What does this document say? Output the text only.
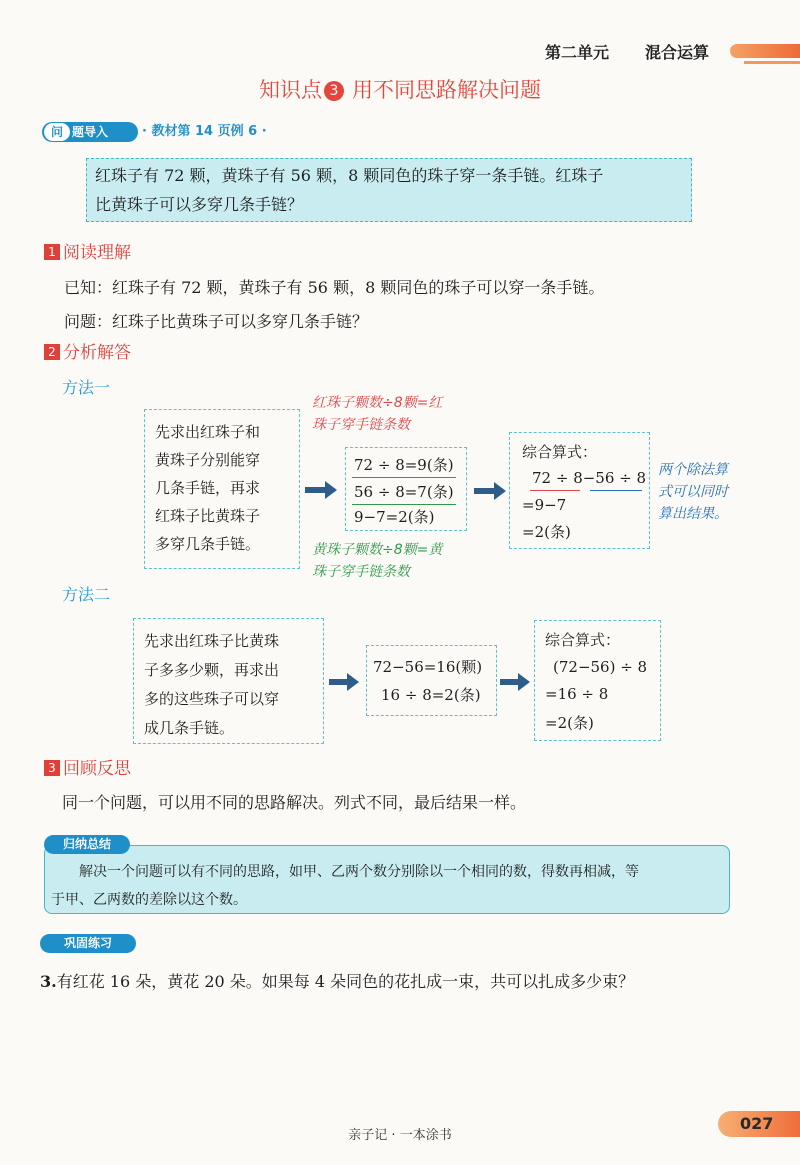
第二单元 混合运算
知识点 3 用不同思路解决问题
问 题导入	· 教材第 14 页例 6 ·
红珠子有 72 颗，黄珠子有 56 颗，8 颗同色的珠子穿一条手链。红珠子
比黄珠子可以多穿几条手链？
1 阅读理解
已知：红珠子有 72 颗，黄珠子有 56 颗，8 颗同色的珠子可以穿一条手链。
问题：红珠子比黄珠子可以多穿几条手链？
2 分析解答
方法一
红珠子颗数÷8颗=红
珠子穿手链条数
先求出红珠子和
黄珠子分别能穿
几条手链，再求
红珠子比黄珠子
多穿几条手链。
72 ÷ 8=9(条)
56 ÷ 8=7(条)
9−7=2(条)
黄珠子颗数÷8颗=黄
珠子穿手链条数
综合算式：
72 ÷ 8−56 ÷ 8
=9−7
=2(条)
两个除法算
式可以同时
算出结果。
方法二
先求出红珠子比黄珠
子多多少颗，再求出
多的这些珠子可以穿
成几条手链。
72−56=16(颗)
16 ÷ 8=2(条)
综合算式：
(72−56) ÷ 8
=16 ÷ 8
=2(条)
3 回顾反思
同一个问题，可以用不同的思路解决。列式不同，最后结果一样。
解决一个问题可以有不同的思路，如甲、乙两个数分别除以一个相同的数，得数再相减，等
于甲、乙两数的差除以这个数。
归纳总结
巩固练习
3.有红花 16 朵，黄花 20 朵。如果每 4 朵同色的花扎成一束，共可以扎成多少束？
亲子记 · 一本涂书
027
